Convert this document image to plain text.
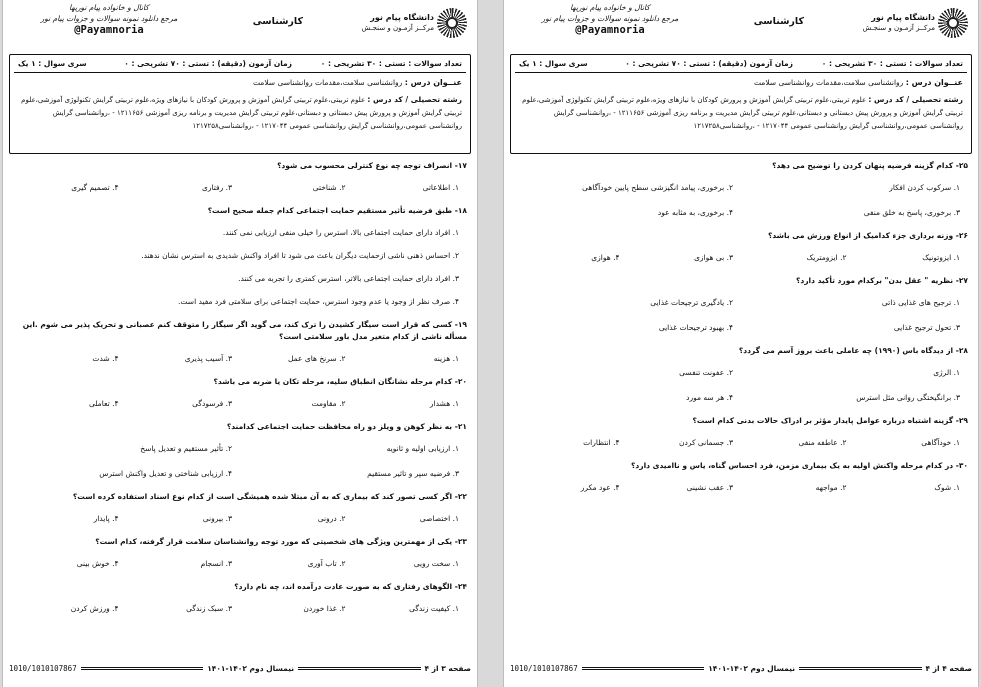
دانشگاه پیام نور
مرکــز آزمـون و سنجـش
کارشناسی
کانال و خانواده پیام نوریها
مرجع دانلود نمونه سوالات و جزوات پیام نور
@Payamnoria
تعداد سوالات : تستی : ۳۰ تشریحی : ۰
زمان آزمون (دقیقه) : تستی : ۷۰ تشریحی : ۰
سری سوال : ۱ یک
عنــوان درس : روانشناسی سلامت،مقدمات روانشناسی سلامت
رشته تحصیلی / کد درس : علوم تربیتی،علوم تربیتی گرایش آموزش و پرورش کودکان با نیازهای ویژه،علوم تربیتی گرایش تکنولوژی آموزشی،علوم تربیتی گرایش آموزش و پرورش پیش دبستانی و دبستانی،علوم تربیتی گرایش مدیریت و برنامه ریزی آموزشی ۱۲۱۱۶۵۶ - ،روانشناسی گرایش روانشناسی عمومی،روانشناسی گرایش روانشناسی عمومی ۱۲۱۷۰۴۴ - ،روانشناسی۱۲۱۷۲۵۸
۱۷- انصراف توجه چه نوع کنترلی محسوب می شود؟
۱. اطلاعاتی
۲. شناختی
۳. رفتاری
۴. تصمیم گیری
۱۸- طبق فرضیه تأثیر مستقیم حمایت اجتماعی کدام جمله صحیح است؟
۱. افراد دارای حمایت اجتماعی بالا، استرس را خیلی منفی ارزیابی نمی کنند.
۲. احساس ذهنی ناشی ازحمایت دیگران باعث می شود تا افراد واکنش شدیدی به استرس نشان ندهند.
۳. افراد دارای حمایت اجتماعی بالاتر، استرس کمتری را تجربه می کنند.
۴. صرف نظر از وجود یا عدم وجود استرس، حمایت اجتماعی برای سلامتی فرد مفید است.
۱۹- کسی که قرار است سیگار کشیدن را ترک کند، می گوید اگر سیگار را متوقف کنم عصبانی و تحریک پذیر می شوم .این مسأله ناشی از کدام متغیر مدل باور سلامتی است؟
۱. هزینه
۲. سرنخ های عمل
۳. آسیب پذیری
۴. شدت
۲۰- کدام مرحله نشانگان انطباق سلیه، مرحله تکان یا ضربه می باشد؟
۱. هشدار
۲. مقاومت
۳. فرسودگی
۴. تعاملی
۲۱- به نظر کوهن و ویلز دو راه محافظت حمایت اجتماعی کدامند؟
۱. ارزیابی اولیه و ثانویه
۲. تأثیر مستقیم و تعدیل پاسخ
۳. فرضیه سپر و تاثیر مستقیم
۴. ارزیابی شناختی و تعدیل واکنش استرس
۲۲- اگر کسی تصور کند که بیماری که به آن مبتلا شده همیشگی است از کدام نوع اسناد استفاده کرده است؟
۱. اختصاصی
۲. درونی
۳. بیرونی
۴. پایدار
۲۳- یکی از مهمترین ویژگی های شخصیتی که مورد توجه روانشناسان سلامت قرار گرفته، کدام است؟
۱. سخت رویی
۲. تاب آوری
۳. انسجام
۴. خوش بینی
۲۴- الگوهای رفتاری که به صورت عادت درآمده اند، چه نام دارد؟
۱. کیفیت زندگی
۲. غذا خوردن
۳. سبک زندگی
۴. ورزش کردن
صفحه ۳ از ۴
نیمسال دوم ۱۴۰۲-۱۴۰۱
1010/1010107867
دانشگاه پیام نور
مرکــز آزمـون و سنجـش
کارشناسی
کانال و خانواده پیام نوریها
مرجع دانلود نمونه سوالات و جزوات پیام نور
@Payamnoria
تعداد سوالات : تستی : ۳۰ تشریحی : ۰
زمان آزمون (دقیقه) : تستی : ۷۰ تشریحی : ۰
سری سوال : ۱ یک
عنــوان درس : روانشناسی سلامت،مقدمات روانشناسی سلامت
رشته تحصیلی / کد درس : علوم تربیتی،علوم تربیتی گرایش آموزش و پرورش کودکان با نیازهای ویژه،علوم تربیتی گرایش تکنولوژی آموزشی،علوم تربیتی گرایش آموزش و پرورش پیش دبستانی و دبستانی،علوم تربیتی گرایش مدیریت و برنامه ریزی آموزشی ۱۲۱۱۶۵۶ - ،روانشناسی گرایش روانشناسی عمومی،روانشناسی گرایش روانشناسی عمومی ۱۲۱۷۰۴۴ - ،روانشناسی۱۲۱۷۲۵۸
۲۵- کدام گزینه فرضیه پنهان کردن را توضیح می دهد؟
۱. سرکوب کردن افکار
۲. برخوری، پیامد انگیزشی سطح پایین خودآگاهی
۳. برخوری، پاسخ به خلق منفی
۴. برخوری، به مثابه عود
۲۶- وزنه برداری جزء کدامیک از انواع ورزش می باشد؟
۱. ایزوتونیک
۲. ایزومتریک
۳. بی هوازی
۴. هوازی
۲۷- نظریه " عقل بدن" برکدام مورد تأکید دارد؟
۱. ترجیح های غذایی ذاتی
۲. یادگیری ترجیحات غذایی
۳. تحول ترجیح غذایی
۴. بهبود ترجیحات غذایی
۲۸- از دیدگاه باس (۱۹۹۰) چه عاملی باعث بروز آسم می گردد؟
۱. الرژی
۲. عفونت تنفسی
۳. برانگیختگی روانی مثل استرس
۴. هر سه مورد
۲۹- گزینه اشتباه درباره عوامل پایدار مؤثر بر ادراک حالات بدنی کدام است؟
۱. خودآگاهی
۲. عاطفه منفی
۳. جسمانی کردن
۴. انتظارات
۳۰- در کدام مرحله واکنش اولیه به یک بیماری مزمن، فرد احساس گناه، یاس و ناامیدی دارد؟
۱. شوک
۲. مواجهه
۳. عقب نشینی
۴. عود مکرر
صفحه ۴ از ۴
نیمسال دوم ۱۴۰۲-۱۴۰۱
1010/1010107867
